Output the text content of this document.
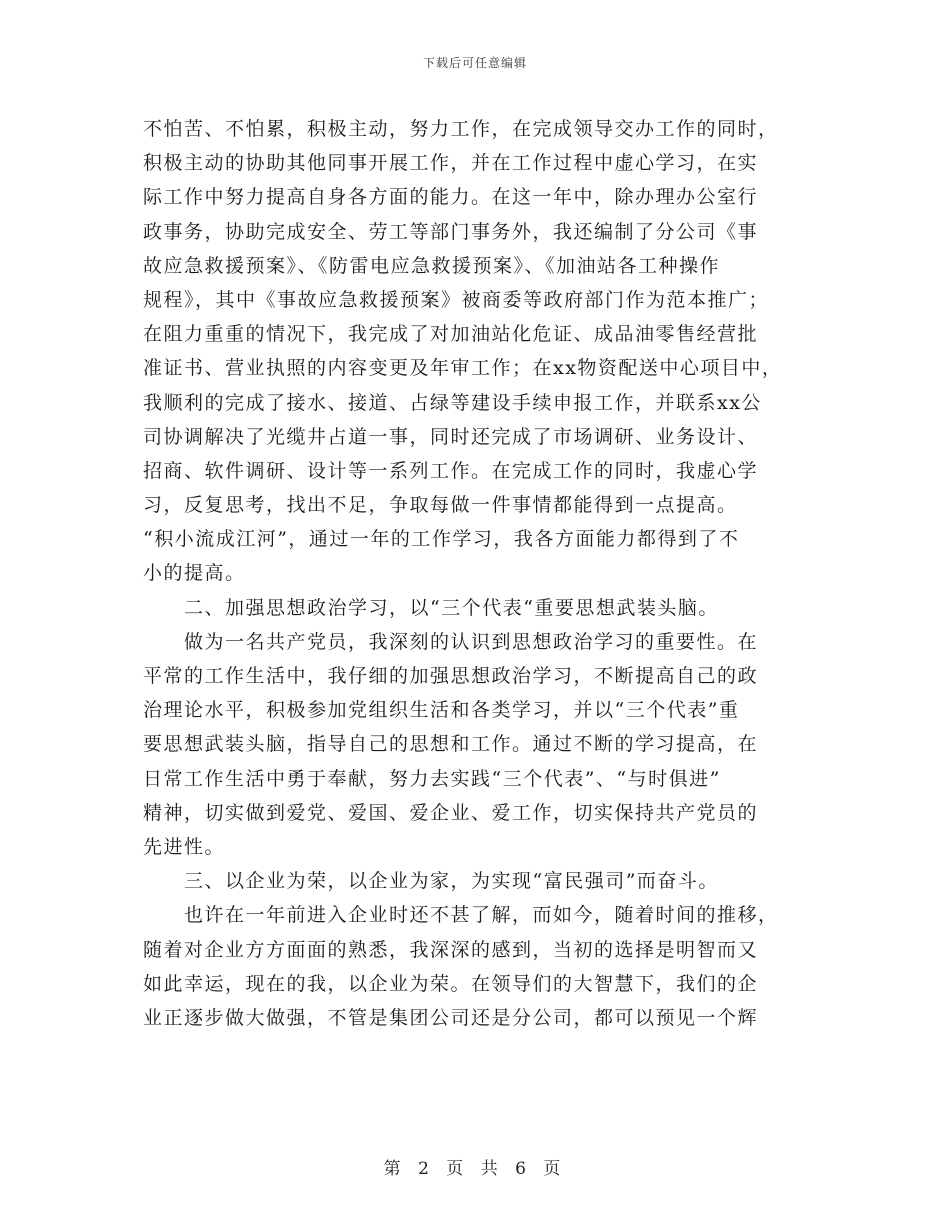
下载后可任意编辑
不怕苦、不怕累，积极主动，努力工作，在完成领导交办工作的同时，
积极主动的协助其他同事开展工作，并在工作过程中虚心学习，在实
际工作中努力提高自身各方面的能力。在这一年中，除办理办公室行
政事务，协助完成安全、劳工等部门事务外，我还编制了分公司《事
故应急救援预案》、《防雷电应急救援预案》、《加油站各工种操作
规程》，其中《事故应急救援预案》被商委等政府部门作为范本推广；
在阻力重重的情况下，我完成了对加油站化危证、成品油零售经营批
准证书、营业执照的内容变更及年审工作；在xx物资配送中心项目中，
我顺利的完成了接水、接道、占绿等建设手续申报工作，并联系xx公
司协调解决了光缆井占道一事，同时还完成了市场调研、业务设计、
招商、软件调研、设计等一系列工作。在完成工作的同时，我虚心学
习，反复思考，找出不足，争取每做一件事情都能得到一点提高。
“积小流成江河”，通过一年的工作学习，我各方面能力都得到了不
小的提高。
　　二、加强思想政治学习，以“三个代表“重要思想武装头脑。
　　做为一名共产党员，我深刻的认识到思想政治学习的重要性。在
平常的工作生活中，我仔细的加强思想政治学习，不断提高自己的政
治理论水平，积极参加党组织生活和各类学习，并以“三个代表”重
要思想武装头脑，指导自己的思想和工作。通过不断的学习提高，在
日常工作生活中勇于奉献，努力去实践“三个代表”、“与时俱进”
精神，切实做到爱党、爱国、爱企业、爱工作，切实保持共产党员的
先进性。
　　三、以企业为荣，以企业为家，为实现“富民强司”而奋斗。
　　也许在一年前进入企业时还不甚了解，而如今，随着时间的推移，
随着对企业方方面面的熟悉，我深深的感到，当初的选择是明智而又
如此幸运，现在的我，以企业为荣。在领导们的大智慧下，我们的企
业正逐步做大做强，不管是集团公司还是分公司，都可以预见一个辉
第 2 页 共 6 页
